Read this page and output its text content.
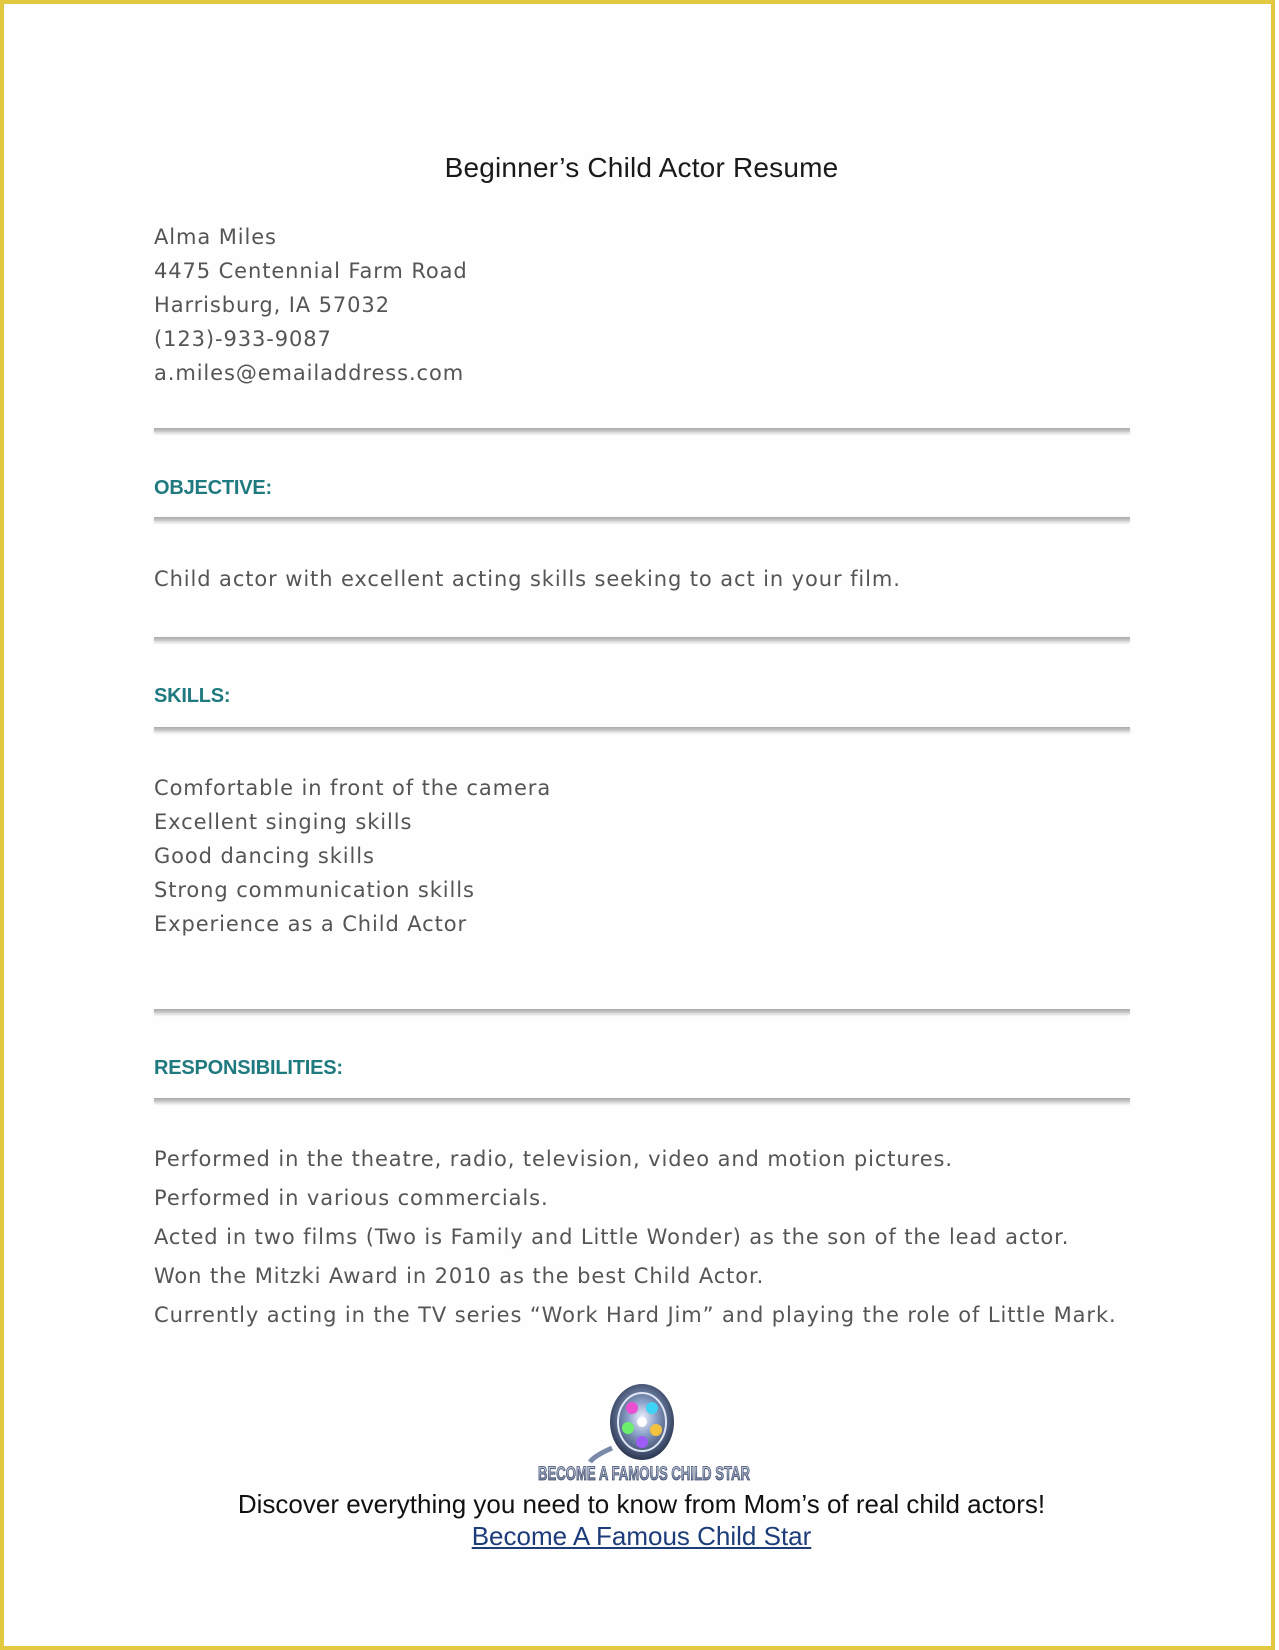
Beginner’s Child Actor Resume
Alma Miles
4475 Centennial Farm Road
Harrisburg, IA 57032
(123)-933-9087
a.miles@emailaddress.com
OBJECTIVE:
Child actor with excellent acting skills seeking to act in your film.
SKILLS:
Comfortable in front of the camera
Excellent singing skills
Good dancing skills
Strong communication skills
Experience as a Child Actor
RESPONSIBILITIES:
Performed in the theatre, radio, television, video and motion pictures.
Performed in various commercials.
Acted in two films (Two is Family and Little Wonder) as the son of the lead actor.
Won the Mitzki Award in 2010 as the best Child Actor.
Currently acting in the TV series “Work Hard Jim” and playing the role of Little Mark.
BECOME A FAMOUS CHILD STAR
Discover everything you need to know from Mom’s of real child actors!
Become A Famous Child Star
